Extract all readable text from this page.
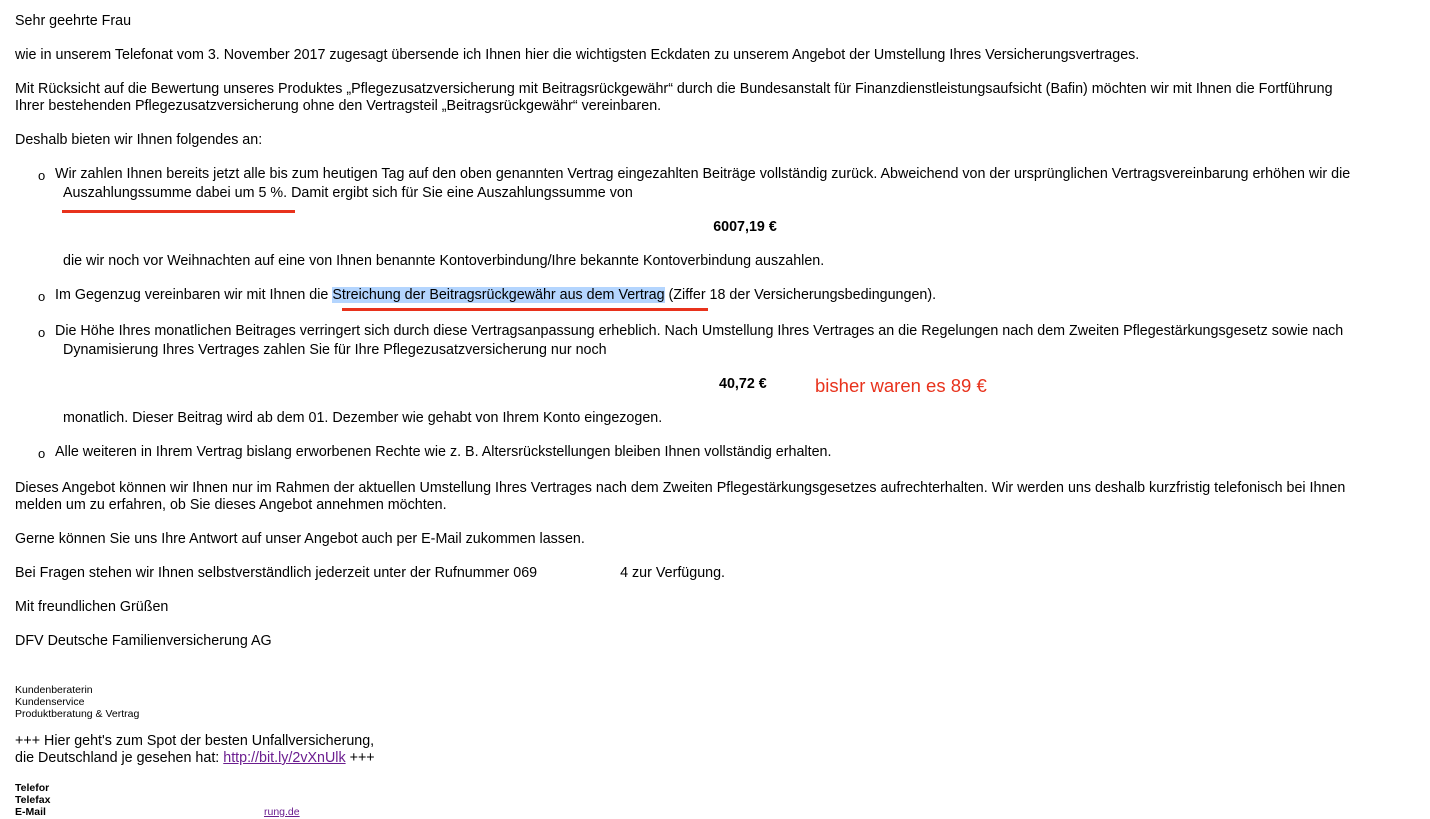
Sehr geehrte Frau
wie in unserem Telefonat vom 3. November 2017 zugesagt übersende ich Ihnen hier die wichtigsten Eckdaten zu unserem Angebot der Umstellung Ihres Versicherungsvertrages.
Mit Rücksicht auf die Bewertung unseres Produktes „Pflegezusatzversicherung mit Beitragsrückgewähr“ durch die Bundesanstalt für Finanzdienstleistungsaufsicht (Bafin) möchten wir mit Ihnen die Fortführung
Ihrer bestehenden Pflegezusatzversicherung ohne den Vertragsteil „Beitragsrückgewähr“ vereinbaren.
Deshalb bieten wir Ihnen folgendes an:
o Wir zahlen Ihnen bereits jetzt alle bis zum heutigen Tag auf den oben genannten Vertrag eingezahlten Beiträge vollständig zurück. Abweichend von der ursprünglichen Vertragsvereinbarung erhöhen wir die
Auszahlungssumme dabei um 5 %. Damit ergibt sich für Sie eine Auszahlungssumme von
6007,19 €
die wir noch vor Weihnachten auf eine von Ihnen benannte Kontoverbindung/Ihre bekannte Kontoverbindung auszahlen.
o Im Gegenzug vereinbaren wir mit Ihnen die Streichung der Beitragsrückgewähr aus dem Vertrag (Ziffer 18 der Versicherungsbedingungen).
o Die Höhe Ihres monatlichen Beitrages verringert sich durch diese Vertragsanpassung erheblich. Nach Umstellung Ihres Vertrages an die Regelungen nach dem Zweiten Pflegestärkungsgesetz sowie nach
Dynamisierung Ihres Vertrages zahlen Sie für Ihre Pflegezusatzversicherung nur noch
40,72 €	bisher waren es 89 €
monatlich. Dieser Beitrag wird ab dem 01. Dezember wie gehabt von Ihrem Konto eingezogen.
o Alle weiteren in Ihrem Vertrag bislang erworbenen Rechte wie z. B. Altersrückstellungen bleiben Ihnen vollständig erhalten.
Dieses Angebot können wir Ihnen nur im Rahmen der aktuellen Umstellung Ihres Vertrages nach dem Zweiten Pflegestärkungsgesetzes aufrechterhalten. Wir werden uns deshalb kurzfristig telefonisch bei Ihnen
melden um zu erfahren, ob Sie dieses Angebot annehmen möchten.
Gerne können Sie uns Ihre Antwort auf unser Angebot auch per E-Mail zukommen lassen.
Bei Fragen stehen wir Ihnen selbstverständlich jederzeit unter der Rufnummer 069	4 zur Verfügung.
Mit freundlichen Grüßen
DFV Deutsche Familienversicherung AG
Kundenberaterin
Kundenservice
Produktberatung & Vertrag
+++ Hier geht's zum Spot der besten Unfallversicherung,
die Deutschland je gesehen hat: http://bit.ly/2vXnUlk +++
Telefor
Telefax
E-Mail	rung.de
